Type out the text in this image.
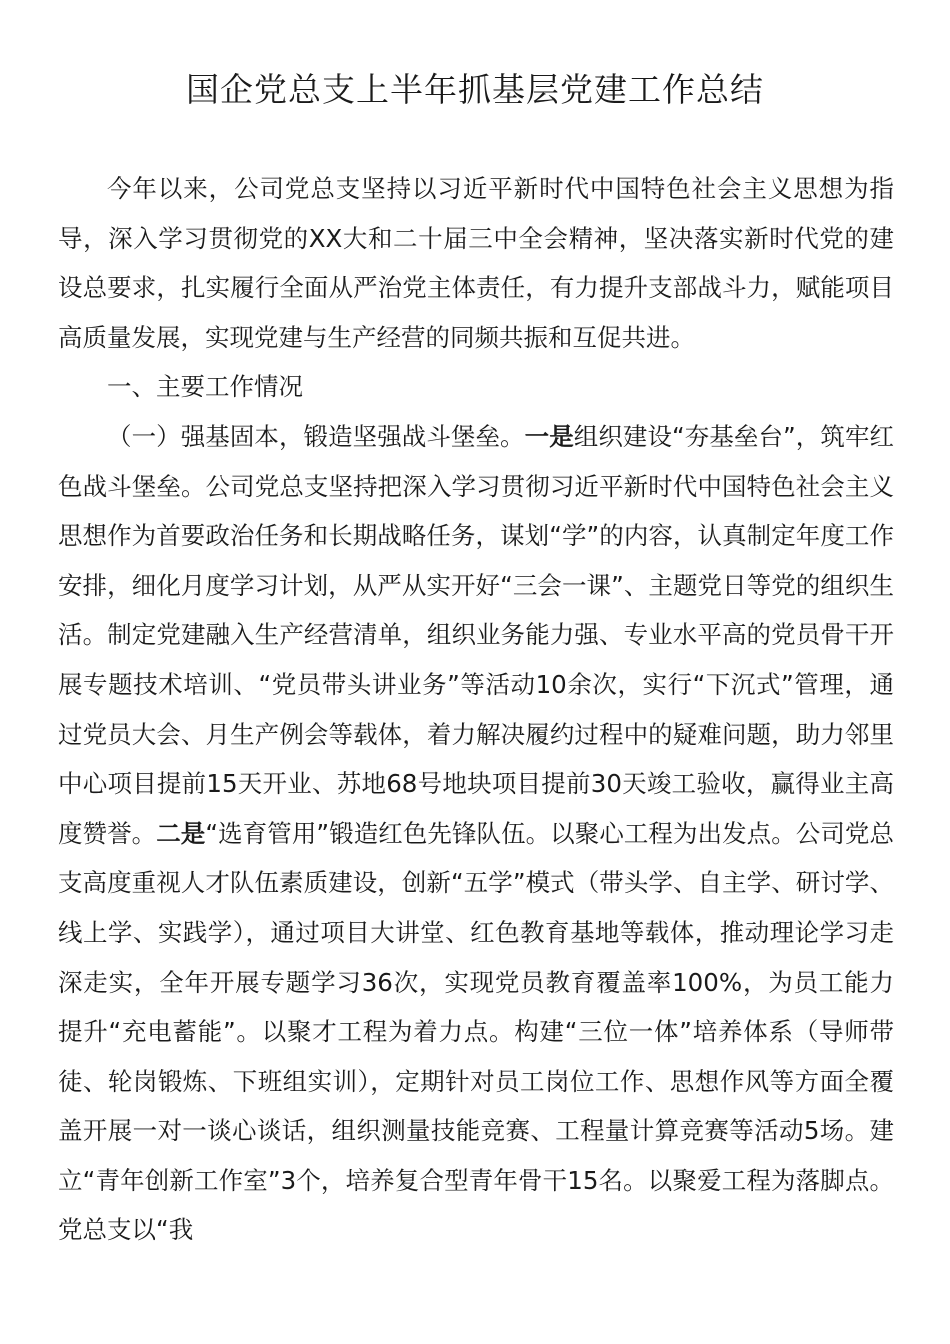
国企党总支上半年抓基层党建工作总结

今年以来，公司党总支坚持以习近平新时代中国特色社会主义思想为指导，深入学习贯彻党的XX大和二十届三中全会精神，坚决落实新时代党的建设总要求，扎实履行全面从严治党主体责任，有力提升支部战斗力，赋能项目高质量发展，实现党建与生产经营的同频共振和互促共进。

一、主要工作情况

（一）强基固本，锻造坚强战斗堡垒。一是组织建设“夯基垒台”，筑牢红色战斗堡垒。公司党总支坚持把深入学习贯彻习近平新时代中国特色社会主义思想作为首要政治任务和长期战略任务，谋划“学”的内容，认真制定年度工作安排，细化月度学习计划，从严从实开好“三会一课”、主题党日等党的组织生活。制定党建融入生产经营清单，组织业务能力强、专业水平高的党员骨干开展专题技术培训、“党员带头讲业务”等活动10余次，实行“下沉式”管理，通过党员大会、月生产例会等载体，着力解决履约过程中的疑难问题，助力邻里中心项目提前15天开业、苏地68号地块项目提前30天竣工验收，赢得业主高度赞誉。二是“选育管用”锻造红色先锋队伍。以聚心工程为出发点。公司党总支高度重视人才队伍素质建设，创新“五学”模式（带头学、自主学、研讨学、线上学、实践学），通过项目大讲堂、红色教育基地等载体，推动理论学习走深走实，全年开展专题学习36次，实现党员教育覆盖率100%，为员工能力提升“充电蓄能”。以聚才工程为着力点。构建“三位一体”培养体系（导师带徒、轮岗锻炼、下班组实训），定期针对员工岗位工作、思想作风等方面全覆盖开展一对一谈心谈话，组织测量技能竞赛、工程量计算竞赛等活动5场。建立“青年创新工作室”3个，培养复合型青年骨干15名。以聚爱工程为落脚点。党总支以“我
